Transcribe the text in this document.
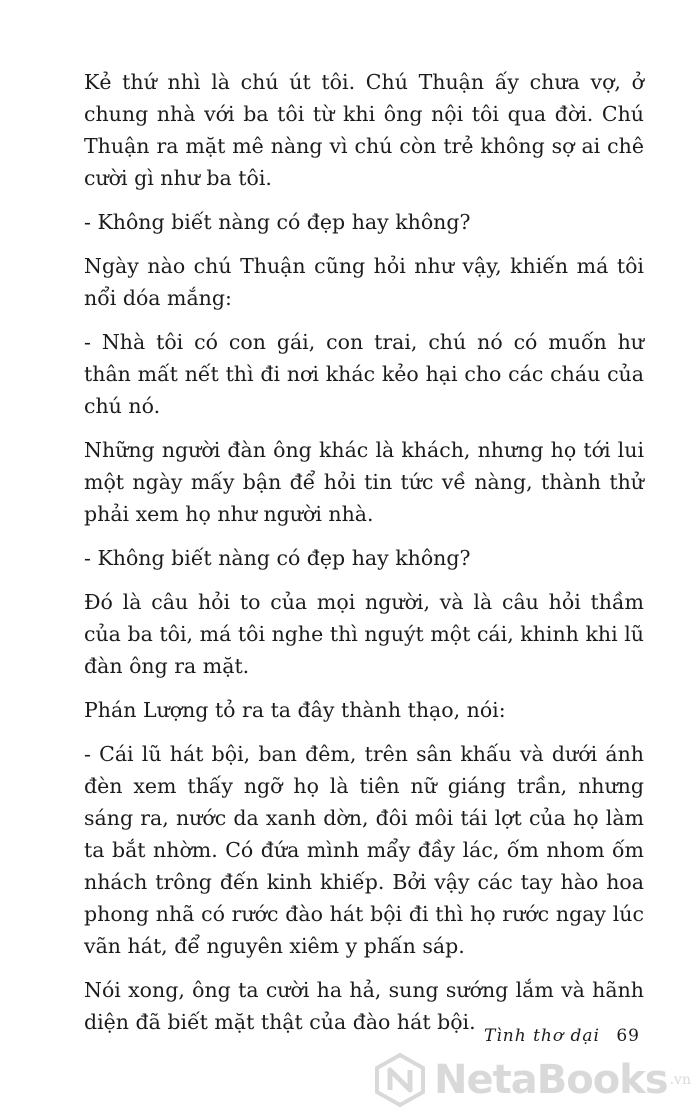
Kẻ thứ nhì là chú út tôi. Chú Thuận ấy chưa vợ, ở chung nhà với ba tôi từ khi ông nội tôi qua đời. Chú Thuận ra mặt mê nàng vì chú còn trẻ không sợ ai chê cười gì như ba tôi.

- Không biết nàng có đẹp hay không?

Ngày nào chú Thuận cũng hỏi như vậy, khiến má tôi nổi dóa mắng:

- Nhà tôi có con gái, con trai, chú nó có muốn hư thân mất nết thì đi nơi khác kẻo hại cho các cháu của chú nó.

Những người đàn ông khác là khách, nhưng họ tới lui một ngày mấy bận để hỏi tin tức về nàng, thành thử phải xem họ như người nhà.

- Không biết nàng có đẹp hay không?

Đó là câu hỏi to của mọi người, và là câu hỏi thầm của ba tôi, má tôi nghe thì nguýt một cái, khinh khi lũ đàn ông ra mặt.

Phán Lượng tỏ ra ta đây thành thạo, nói:

- Cái lũ hát bội, ban đêm, trên sân khấu và dưới ánh đèn xem thấy ngỡ họ là tiên nữ giáng trần, nhưng sáng ra, nước da xanh dờn, đôi môi tái lợt của họ làm ta bắt nhờm. Có đứa mình mẩy đầy lác, ốm nhom ốm nhách trông đến kinh khiếp. Bởi vậy các tay hào hoa phong nhã có rước đào hát bội đi thì họ rước ngay lúc vãn hát, để nguyên xiêm y phấn sáp.

Nói xong, ông ta cười ha hả, sung sướng lắm và hãnh diện đã biết mặt thật của đào hát bội.

Tình thơ dại 69
NetaBooks .vn
